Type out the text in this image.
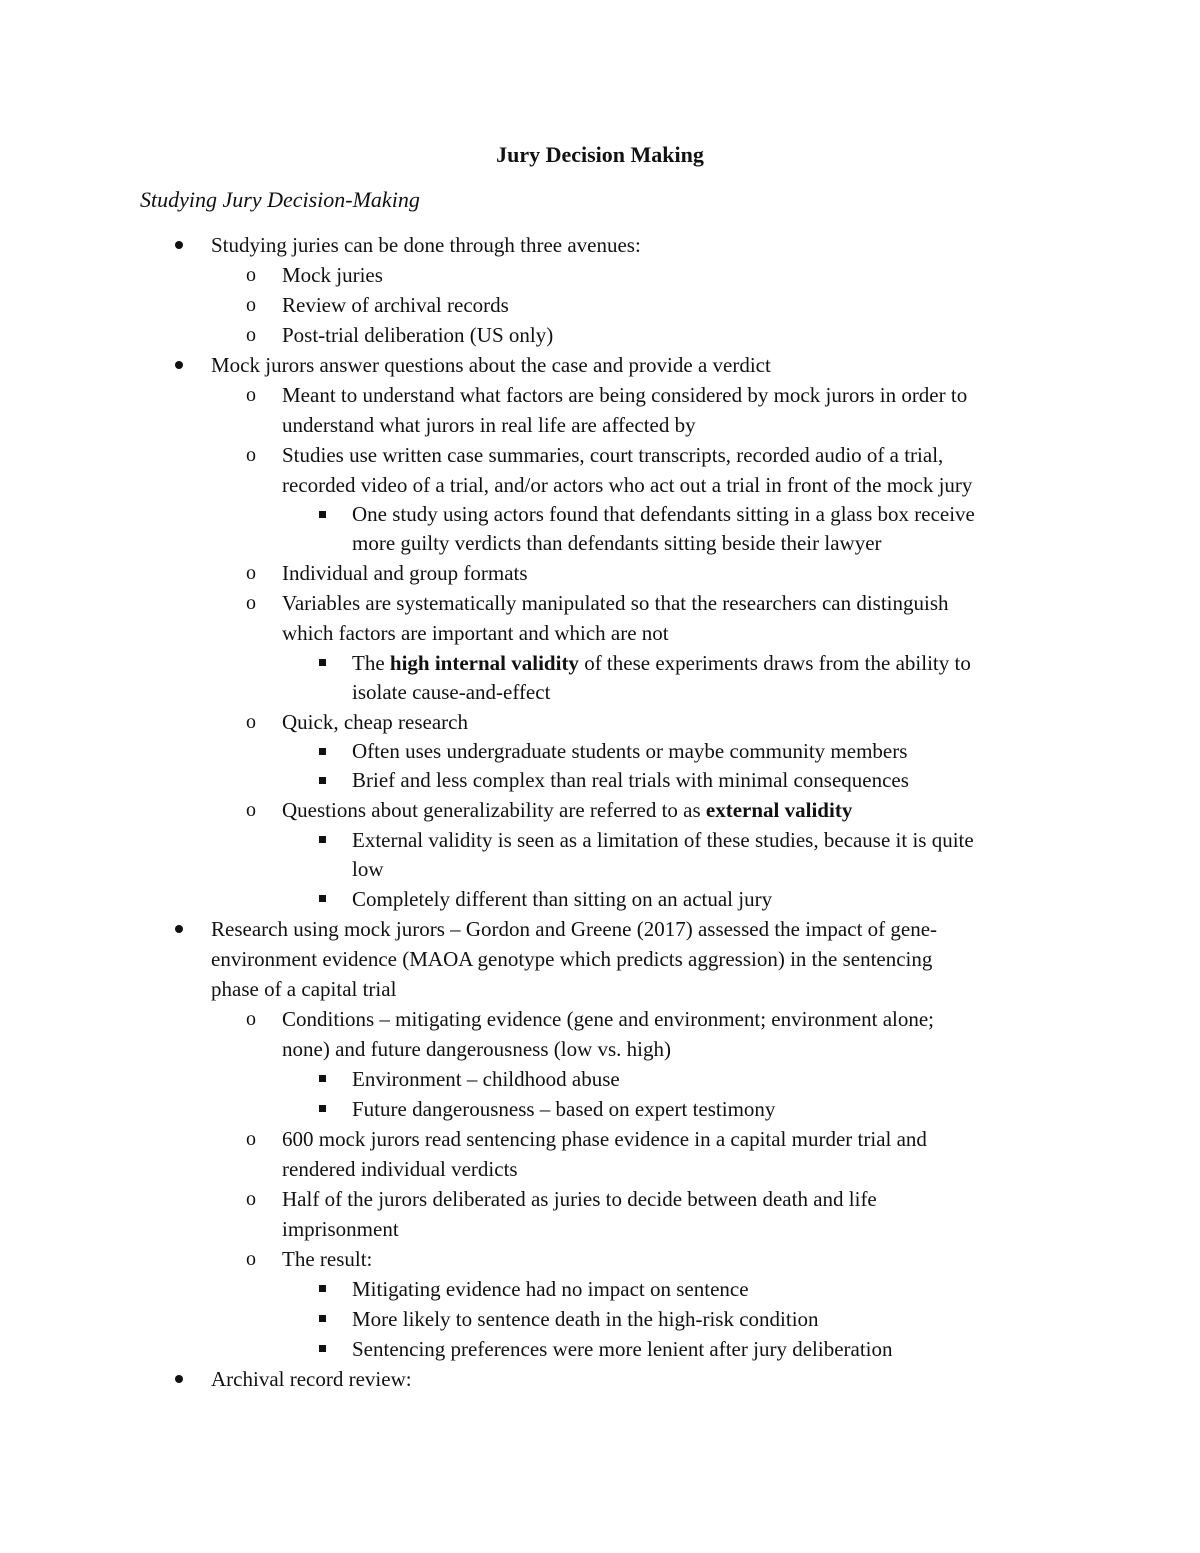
Jury Decision Making
Studying Jury Decision-Making
Studying juries can be done through three avenues:
o Mock juries
o Review of archival records
o Post-trial deliberation (US only)
Mock jurors answer questions about the case and provide a verdict
o Meant to understand what factors are being considered by mock jurors in order to
understand what jurors in real life are affected by
o Studies use written case summaries, court transcripts, recorded audio of a trial,
recorded video of a trial, and/or actors who act out a trial in front of the mock jury
One study using actors found that defendants sitting in a glass box receive
more guilty verdicts than defendants sitting beside their lawyer
o Individual and group formats
o Variables are systematically manipulated so that the researchers can distinguish
which factors are important and which are not
The high internal validity of these experiments draws from the ability to
isolate cause-and-effect
o Quick, cheap research
Often uses undergraduate students or maybe community members
Brief and less complex than real trials with minimal consequences
o Questions about generalizability are referred to as external validity
External validity is seen as a limitation of these studies, because it is quite
low
Completely different than sitting on an actual jury
Research using mock jurors – Gordon and Greene (2017) assessed the impact of gene-
environment evidence (MAOA genotype which predicts aggression) in the sentencing
phase of a capital trial
o Conditions – mitigating evidence (gene and environment; environment alone;
none) and future dangerousness (low vs. high)
Environment – childhood abuse
Future dangerousness – based on expert testimony
o 600 mock jurors read sentencing phase evidence in a capital murder trial and
rendered individual verdicts
o Half of the jurors deliberated as juries to decide between death and life
imprisonment
o The result:
Mitigating evidence had no impact on sentence
More likely to sentence death in the high-risk condition
Sentencing preferences were more lenient after jury deliberation
Archival record review:
